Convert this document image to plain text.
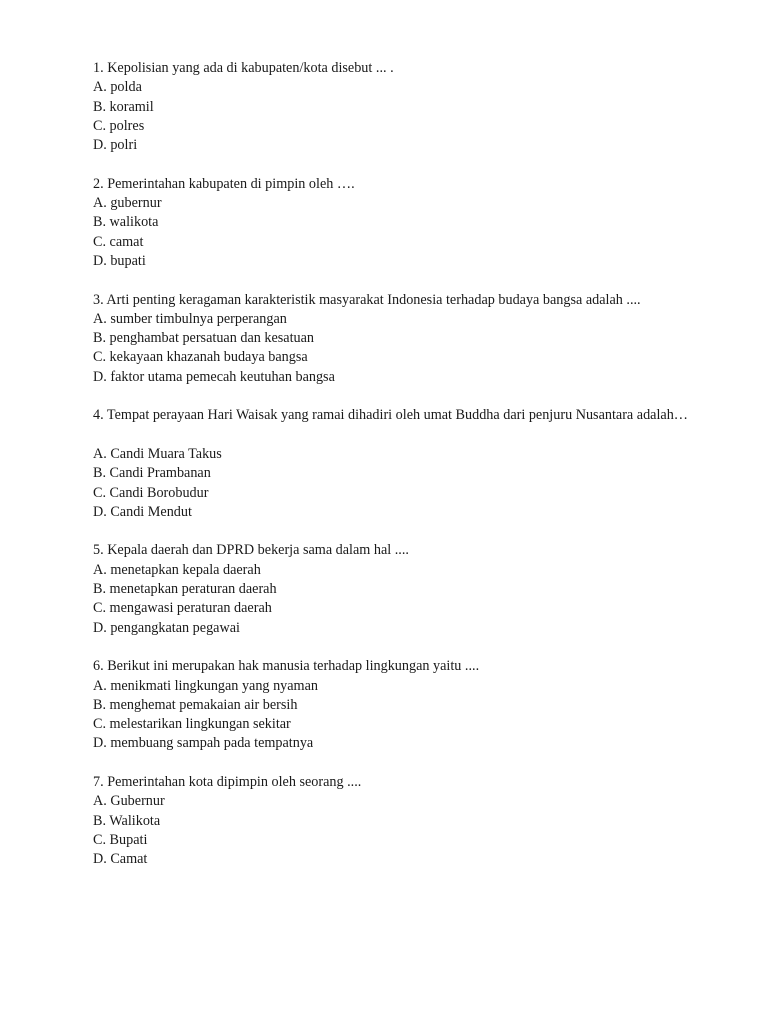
1. Kepolisian yang ada di kabupaten/kota disebut ... .
A. polda
B. koramil
C. polres
D. polri
2. Pemerintahan kabupaten di pimpin oleh ….
A. gubernur
B. walikota
C. camat
D. bupati
3. Arti penting keragaman karakteristik masyarakat Indonesia terhadap budaya bangsa adalah ....
A. sumber timbulnya perperangan
B. penghambat persatuan dan kesatuan
C. kekayaan khazanah budaya bangsa
D. faktor utama pemecah keutuhan bangsa
4. Tempat perayaan Hari Waisak yang ramai dihadiri oleh umat Buddha dari penjuru Nusantara adalah…
A. Candi Muara Takus
B. Candi Prambanan
C. Candi Borobudur
D. Candi Mendut
5. Kepala daerah dan DPRD bekerja sama dalam hal ....
A. menetapkan kepala daerah
B. menetapkan peraturan daerah
C. mengawasi peraturan daerah
D. pengangkatan pegawai
6. Berikut ini merupakan hak manusia terhadap lingkungan yaitu ....
A. menikmati lingkungan yang nyaman
B. menghemat pemakaian air bersih
C. melestarikan lingkungan sekitar
D. membuang sampah pada tempatnya
7. Pemerintahan kota dipimpin oleh seorang ....
A. Gubernur
B. Walikota
C. Bupati
D. Camat
